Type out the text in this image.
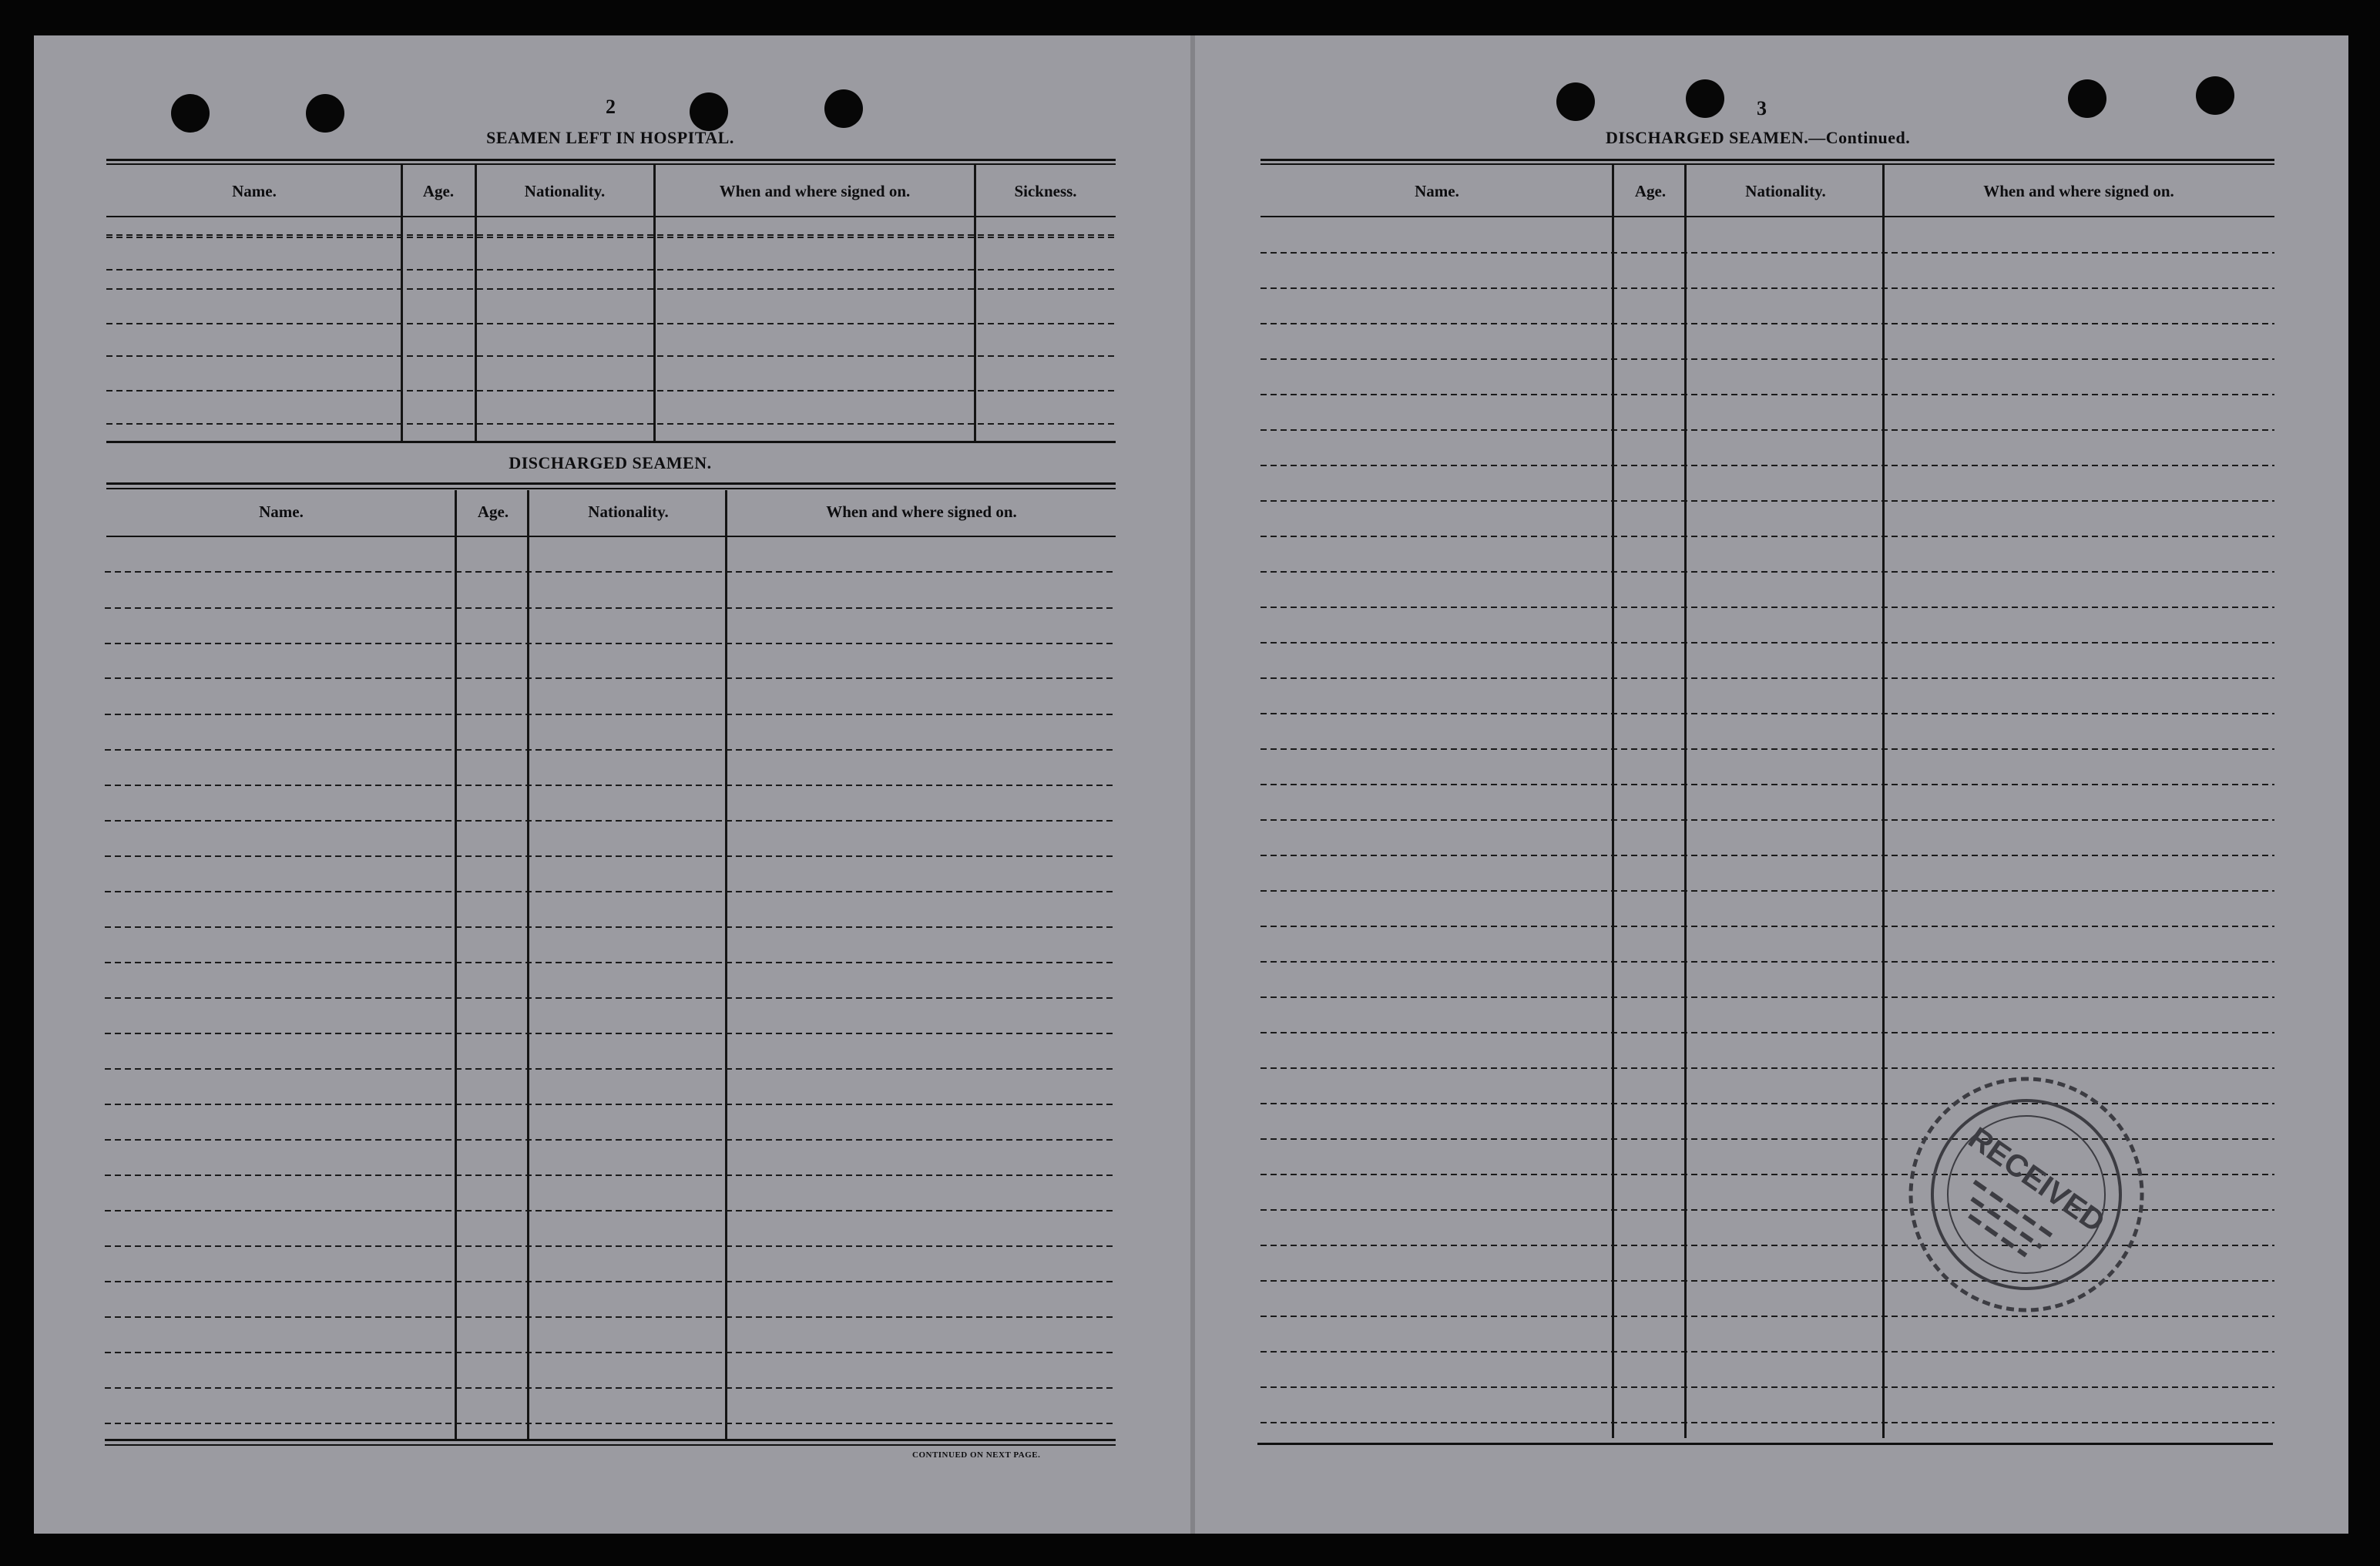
2
SEAMEN LEFT IN HOSPITAL.
Name.	Age.	Nationality.	When and where signed on.	Sickness.
DISCHARGED SEAMEN.
Name.	Age.	Nationality.	When and where signed on.
CONTINUED ON NEXT PAGE.
3
DISCHARGED SEAMEN.—Continued.
Name.	Age.	Nationality.	When and where signed on.
RECEIVED
